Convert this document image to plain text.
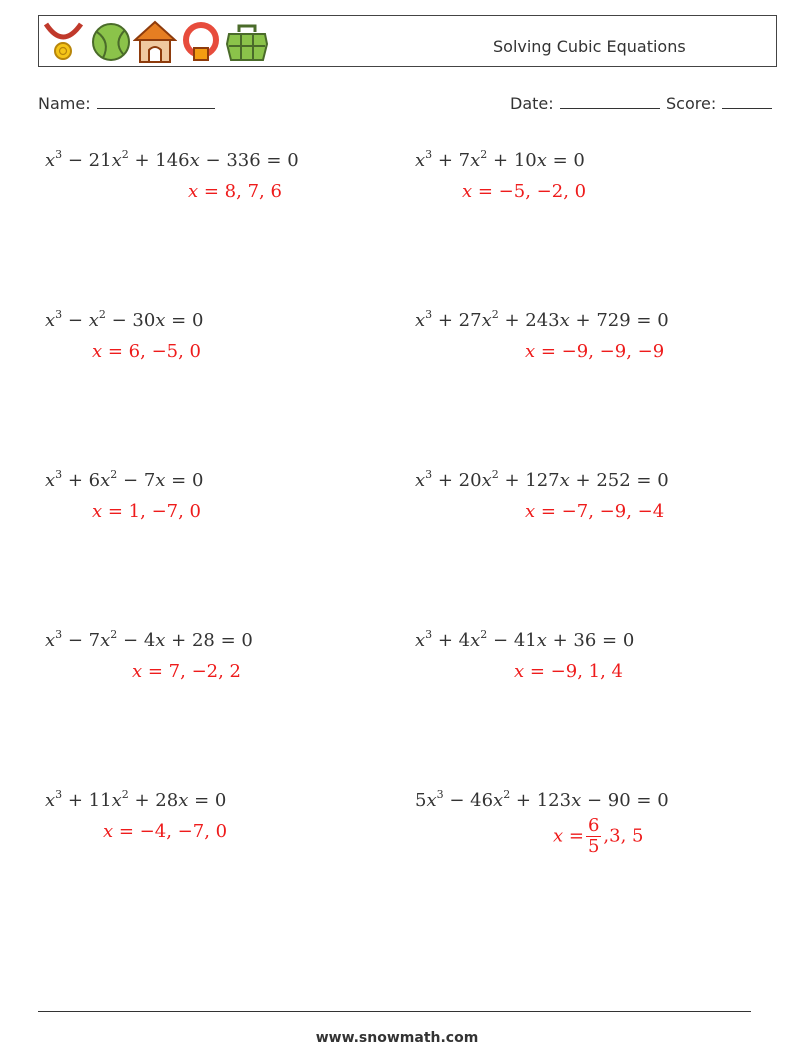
Solving Cubic Equations
Name:	Date:	Score:
$x^3 - 21x^2 + 146x - 336 = 0$
x = 8, 7, 6
$x^3 - x^2 - 30x = 0$
x = 6, −5, 0
$x^3 + 6x^2 - 7x = 0$
x = 1, −7, 0
$x^3 - 7x^2 - 4x + 28 = 0$
x = 7, −2, 2
$x^3 + 11x^2 + 28x = 0$
x = −4, −7, 0
$x^3 + 7x^2 + 10x = 0$
x = −5, −2, 0
$x^3 + 27x^2 + 243x + 729 = 0$
x = −9, −9, −9
$x^3 + 20x^2 + 127x + 252 = 0$
x = −7, −9, −4
$x^3 + 4x^2 - 41x + 36 = 0$
x = −9, 1, 4
$5x^3 - 46x^2 + 123x - 90 = 0$
$x = \frac{6}{5} ,3$, 5
www.snowmath.com
